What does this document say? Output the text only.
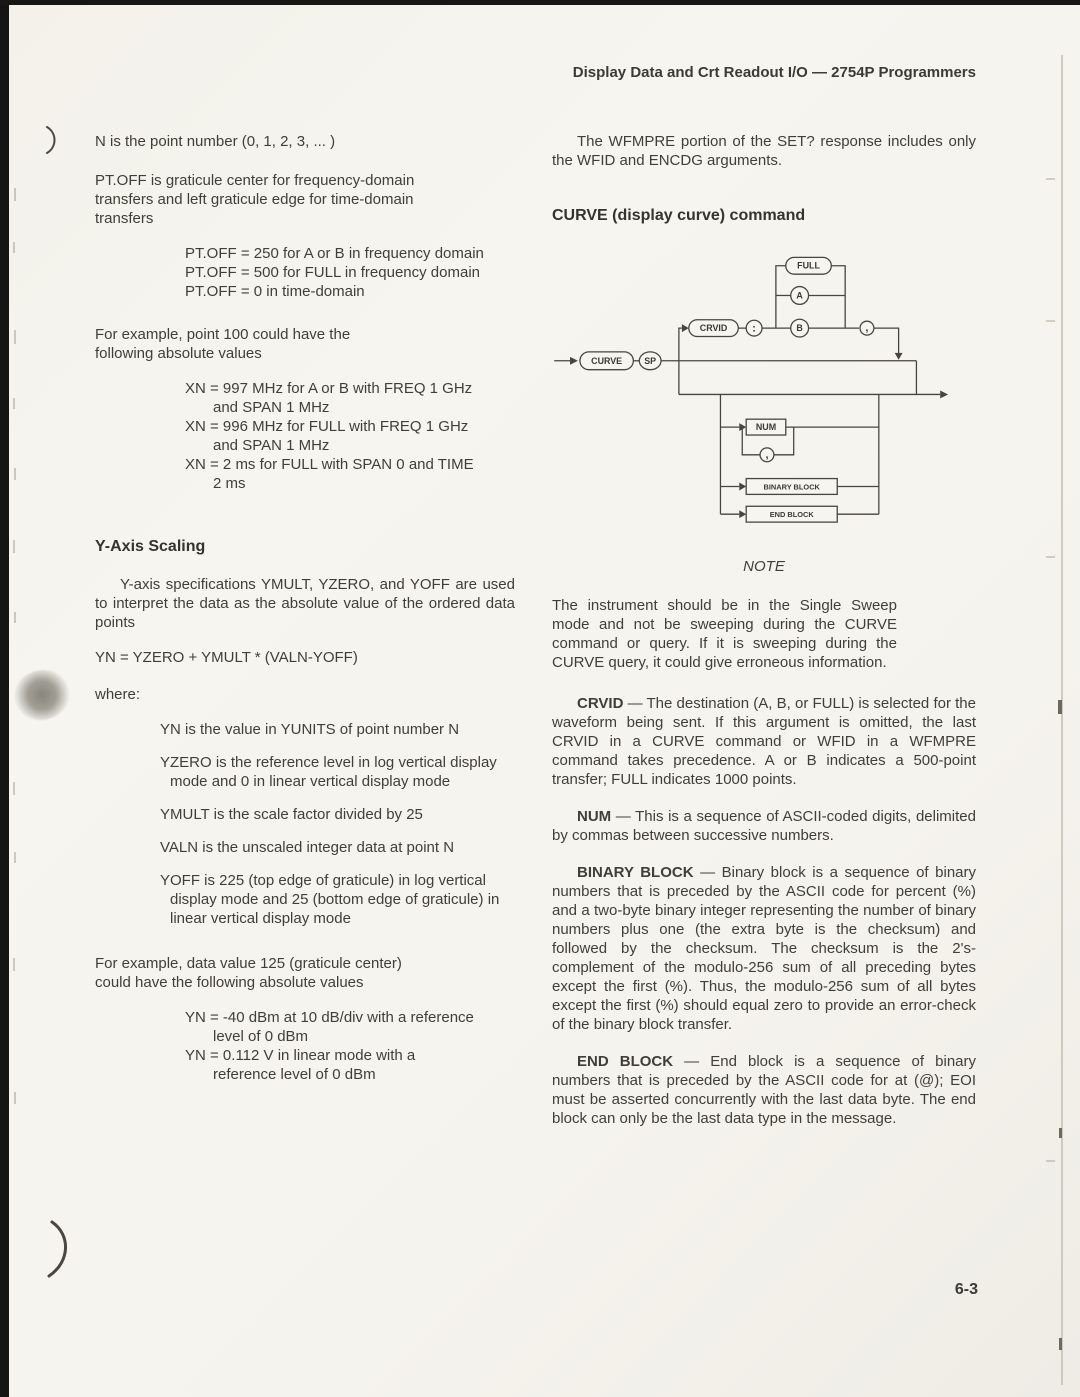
Display Data and Crt Readout I/O — 2754P Programmers

N is the point number (0, 1, 2, 3, ... )

PT.OFF is graticule center for frequency-domain transfers and left graticule edge for time-domain transfers

PT.OFF = 250 for A or B in frequency domain

PT.OFF = 500 for FULL in frequency domain

PT.OFF = 0 in time-domain

For example, point 100 could have the following absolute values

XN = 997 MHz for A or B with FREQ 1 GHz and SPAN 1 MHz

XN = 996 MHz for FULL with FREQ 1 GHz and SPAN 1 MHz

XN = 2 ms for FULL with SPAN 0 and TIME 2 ms

Y-Axis Scaling

Y-axis specifications YMULT, YZERO, and YOFF are used to interpret the data as the absolute value of the ordered data points

YN = YZERO + YMULT * (VALN-YOFF)

where:

YN is the value in YUNITS of point number N

YZERO is the reference level in log vertical display mode and 0 in linear vertical display mode

YMULT is the scale factor divided by 25

VALN is the unscaled integer data at point N

YOFF is 225 (top edge of graticule) in log vertical display mode and 25 (bottom edge of graticule) in linear vertical display mode

For example, data value 125 (graticule center) could have the following absolute values

YN = -40 dBm at 10 dB/div with a reference level of 0 dBm

YN = 0.112 V in linear mode with a reference level of 0 dBm

The WFMPRE portion of the SET? response includes only the WFID and ENCDG arguments.

CURVE (display curve) command

CURVE SP
CRVID :
FULL
A
B	,
NUM
,
BINARY BLOCK
END BLOCK

NOTE

The instrument should be in the Single Sweep mode and not be sweeping during the CURVE command or query. If it is sweeping during the CURVE query, it could give erroneous information.

CRVID — The destination (A, B, or FULL) is selected for the waveform being sent. If this argument is omitted, the last CRVID in a CURVE command or WFID in a WFMPRE command takes precedence. A or B indicates a 500-point transfer; FULL indicates 1000 points.

NUM — This is a sequence of ASCII-coded digits, delimited by commas between successive numbers.

BINARY BLOCK — Binary block is a sequence of binary numbers that is preceded by the ASCII code for percent (%) and a two-byte binary integer representing the number of binary numbers plus one (the extra byte is the checksum) and followed by the checksum. The checksum is the 2's-complement of the modulo-256 sum of all preceding bytes except the first (%). Thus, the modulo-256 sum of all bytes except the first (%) should equal zero to provide an error-check of the binary block transfer.

END BLOCK — End block is a sequence of binary numbers that is preceded by the ASCII code for at (@); EOI must be asserted concurrently with the last data byte. The end block can only be the last data type in the message.

6-3
